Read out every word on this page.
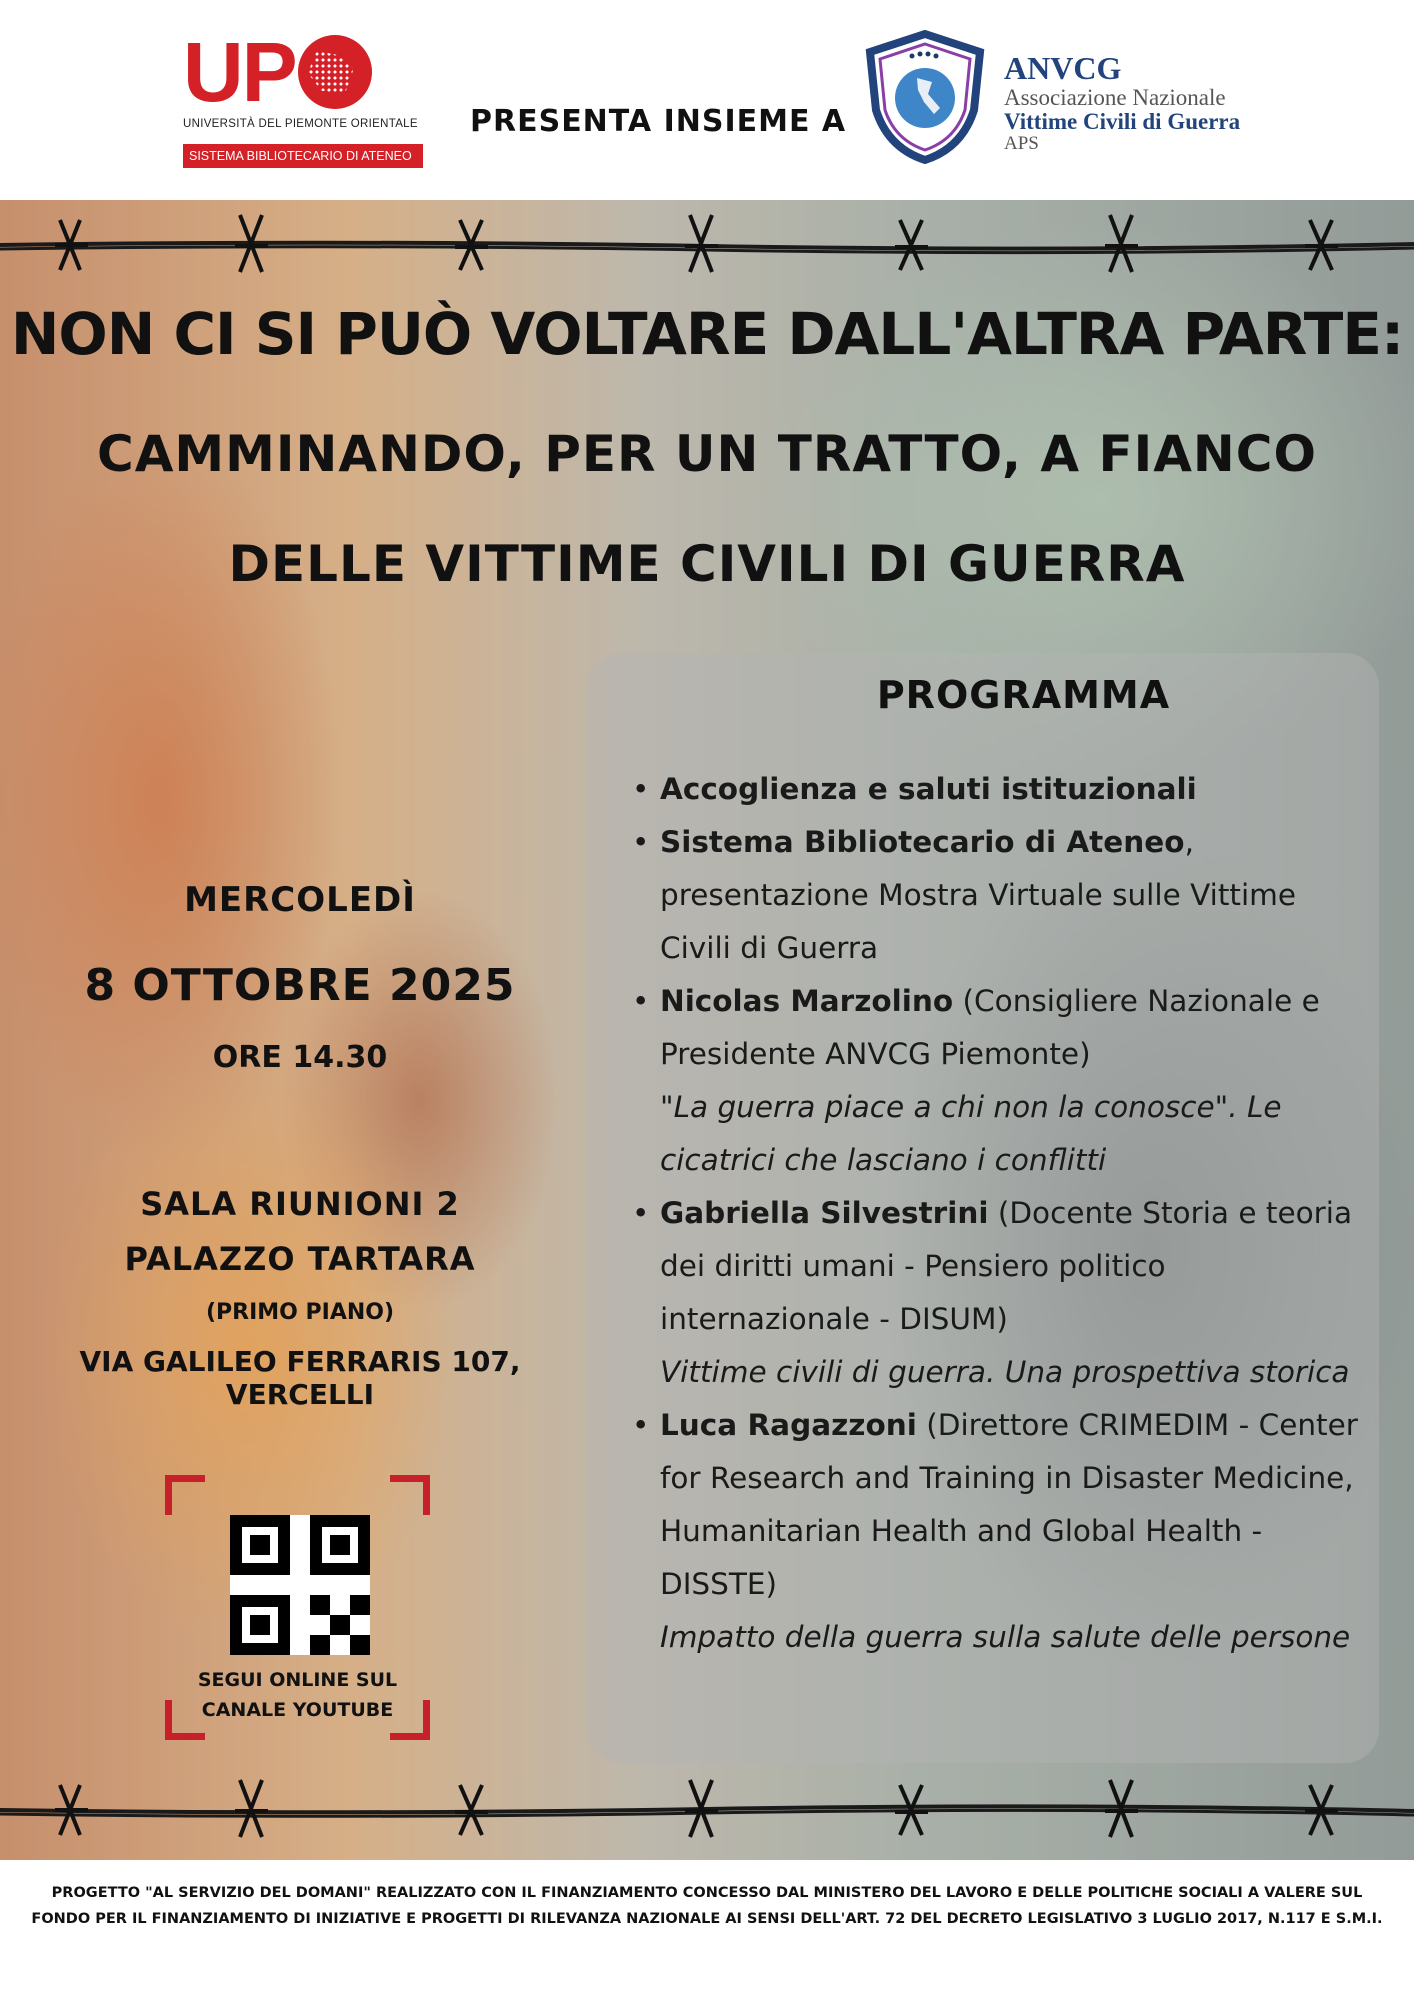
UP
UNIVERSITÀ DEL PIEMONTE ORIENTALE
SISTEMA BIBLIOTECARIO DI ATENEO
PRESENTA INSIEME A
ANVCG
Associazione Nazionale
Vittime Civili di Guerra
APS
NON CI SI PUÒ VOLTARE DALL'ALTRA PARTE:
CAMMINANDO, PER UN TRATTO, A FIANCO
DELLE VITTIME CIVILI DI GUERRA
MERCOLEDÌ
8 OTTOBRE 2025
ORE 14.30
SALA RIUNIONI 2
PALAZZO TARTARA
(PRIMO PIANO)
VIA GALILEO FERRARIS 107, VERCELLI
SEGUI ONLINE SUL
CANALE YOUTUBE
PROGRAMMA
• Accoglienza e saluti istituzionali
• Sistema Bibliotecario di Ateneo, presentazione Mostra Virtuale sulle Vittime Civili di Guerra
• Nicolas Marzolino (Consigliere Nazionale e Presidente ANVCG Piemonte)
"La guerra piace a chi non la conosce". Le cicatrici che lasciano i conflitti
• Gabriella Silvestrini (Docente Storia e teoria dei diritti umani - Pensiero politico internazionale - DISUM)
Vittime civili di guerra. Una prospettiva storica
• Luca Ragazzoni (Direttore CRIMEDIM - Center for Research and Training in Disaster Medicine, Humanitarian Health and Global Health - DISSTE)
Impatto della guerra sulla salute delle persone
PROGETTO "AL SERVIZIO DEL DOMANI" REALIZZATO CON IL FINANZIAMENTO CONCESSO DAL MINISTERO DEL LAVORO E DELLE POLITICHE SOCIALI A VALERE SUL
FONDO PER IL FINANZIAMENTO DI INIZIATIVE E PROGETTI DI RILEVANZA NAZIONALE AI SENSI DELL'ART. 72 DEL DECRETO LEGISLATIVO 3 LUGLIO 2017, N.117 E S.M.I.
